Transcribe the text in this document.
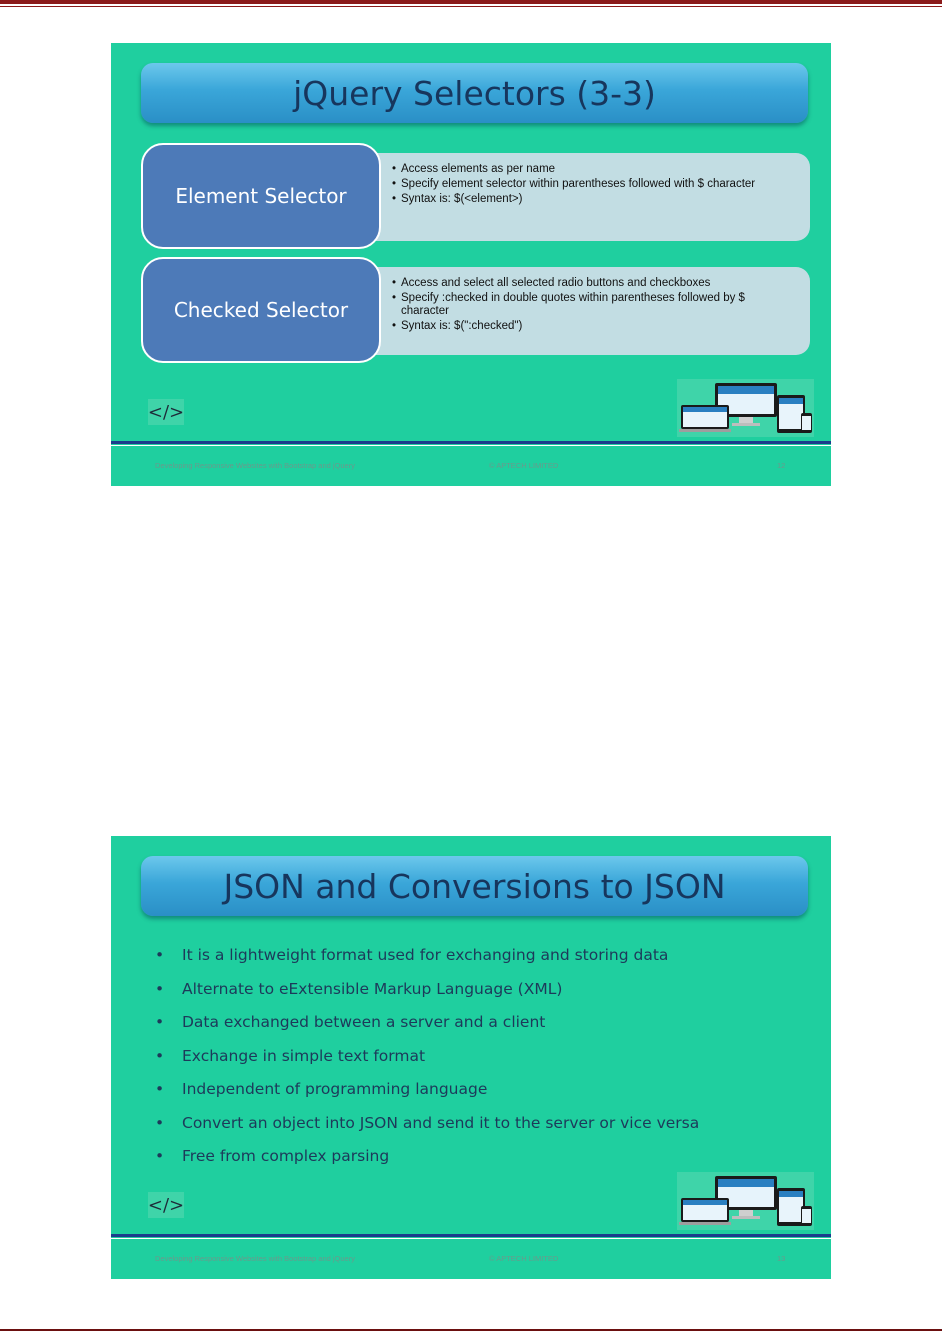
jQuery Selectors (3-3)
• Access elements as per name
• Specify element selector within parentheses followed with $ character
• Syntax is: $(<element>)
Element Selector
• Access and select all selected radio buttons and checkboxes
• Specify :checked in double quotes within parentheses followed by $ character
• Syntax is: $(":checked")
Checked Selector
</>
Developing Responsive Websites with Bootstrap and jQuery	© APTECH LIMITED	12
JSON and Conversions to JSON
• It is a lightweight format used for exchanging and storing data
• Alternate to eExtensible Markup Language (XML)
• Data exchanged between a server and a client
• Exchange in simple text format
• Independent of programming language
• Convert an object into JSON and send it to the server or vice versa
• Free from complex parsing
</>
Developing Responsive Websites with Bootstrap and jQuery	© APTECH LIMITED	13
